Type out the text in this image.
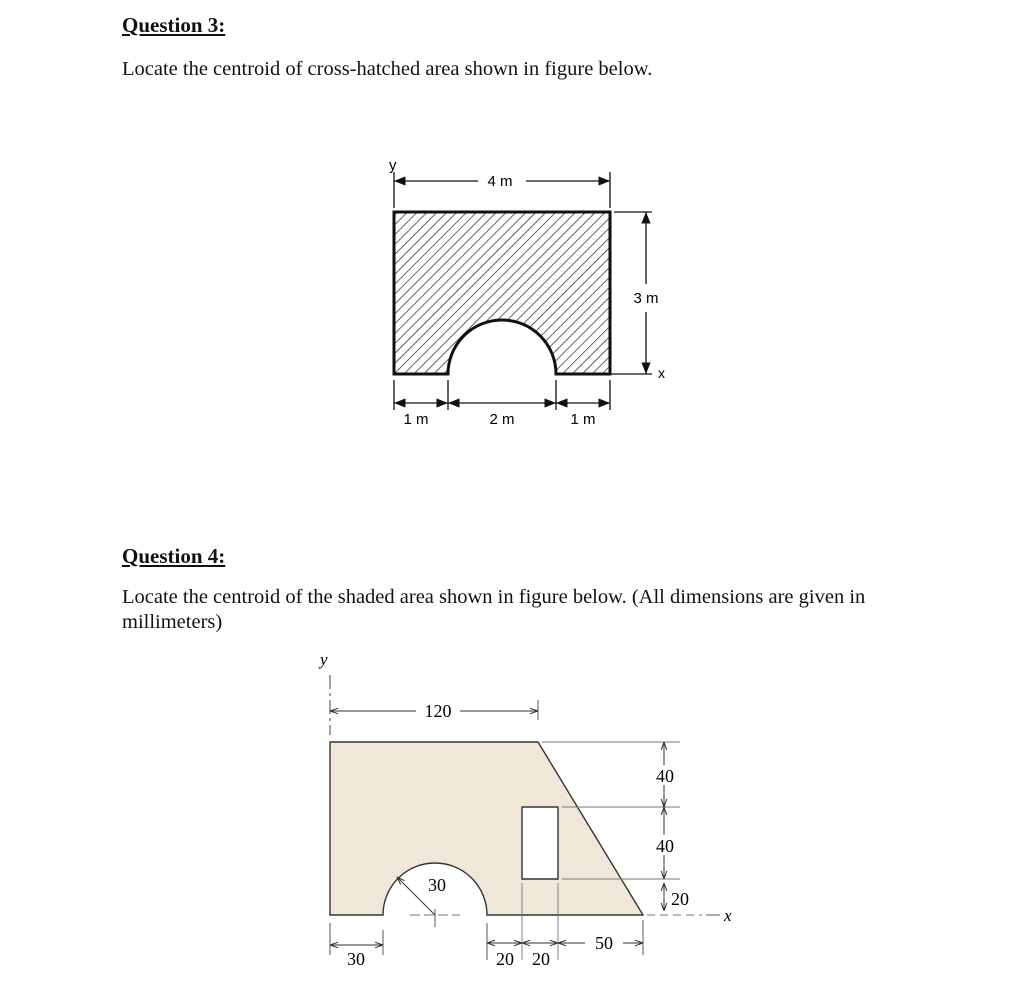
Question 3:

Locate the centroid of cross-hatched area shown in figure below.

y
4 m
3 m
x
1 m	2 m	1 m
Question 4:

Locate the centroid of the shaded area shown in figure below. (All dimensions are given in millimeters)

y
120
x
40
40
20
30
30	20 20
50
